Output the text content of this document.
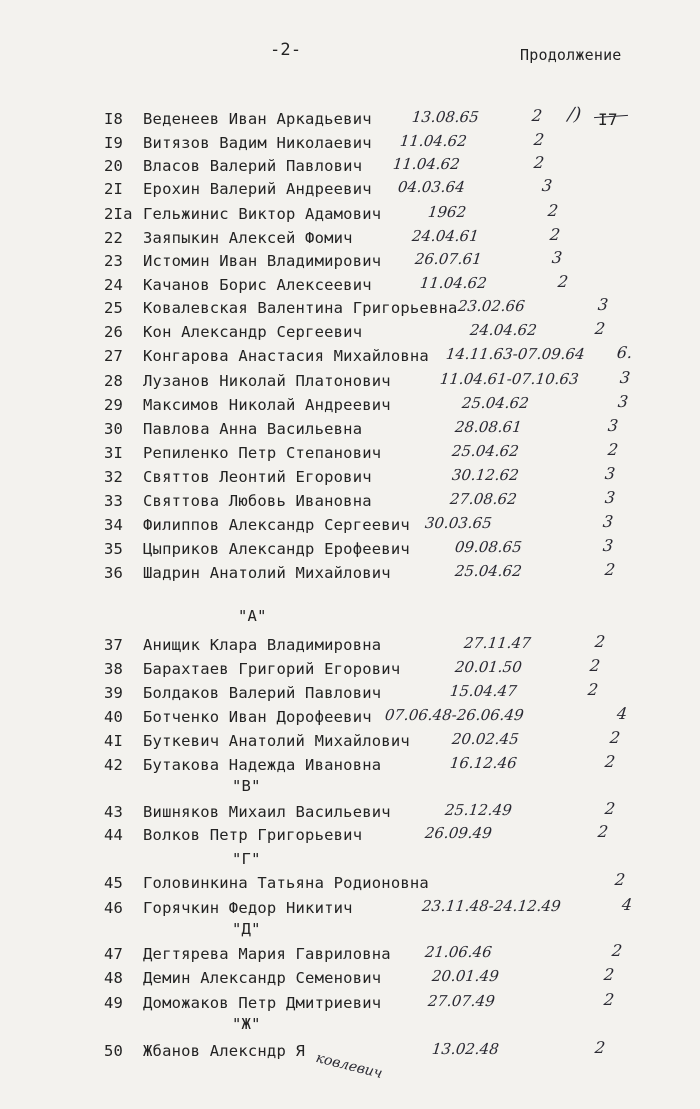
-2-	Продолжение
/) I7
I8 Веденеев Иван Аркадьевич	13.08.65	2
I9 Витязов Вадим Николаевич 11.04.62	2
20 Власов Валерий Павлович 11.04.62	2
2I Ерохин Валерий Андреевич 04.03.64	3
2Iа Гельжинис Виктор Адамович	1962	2
22 Заяпыкин Алексей Фомич	24.04.61	2
23 Истомин Иван Владимирович 26.07.61	3
24 Качанов Борис Алексеевич	11.04.62	2
25 Ковалевская Валентина Григорьевна 23.02.66	3
26 Кон Александр Сергеевич	24.04.62	2
27 Конгарова Анастасия Михайловна 14.11.63-07.09.64 6.
28 Лузанов Николай Платонович	11.04.61-07.10.63 3
29 Максимов Николай Андреевич	25.04.62	3
30 Павлова Анна Васильевна	28.08.61	3
3I Репиленко Петр Степанович	25.04.62	2
32 Святтов Леонтий Егорович	30.12.62	3
33 Святтова Любовь Ивановна	27.08.62	3
34 Филиппов Александр Сергеевич 30.03.65	3
35 Цыприков Александр Ерофеевич	09.08.65	3
36 Шадрин Анатолий Михайлович	25.04.62	2
37 Анищик Клара Владимировна	27.11.47	2
38 Барахтаев Григорий Егорович	20.01.50	2
39 Болдаков Валерий Павлович	15.04.47	2
40 Ботченко Иван Дорофеевич 07.06.48-26.06.49	4
4I Буткевич Анатолий Михайлович	20.02.45	2
42 Бутакова Надежда Ивановна	16.12.46	2
43 Вишняков Михаил Васильевич	25.12.49	2
44 Волков Петр Григорьевич	26.09.49	2
45 Головинкина Татьяна Родионовна	2
46 Горячкин Федор Никитич	23.11.48-24.12.49	4
47 Дегтярева Мария Гавриловна 21.06.46	2
48 Демин Александр Семенович	20.01.49	2
49 Доможаков Петр Дмитриевич	27.07.49	2
50 Жбанов Алексндр Я	13.02.48	2
"А"
"В"
"Г"
"Д"
"Ж"
ковлевич
